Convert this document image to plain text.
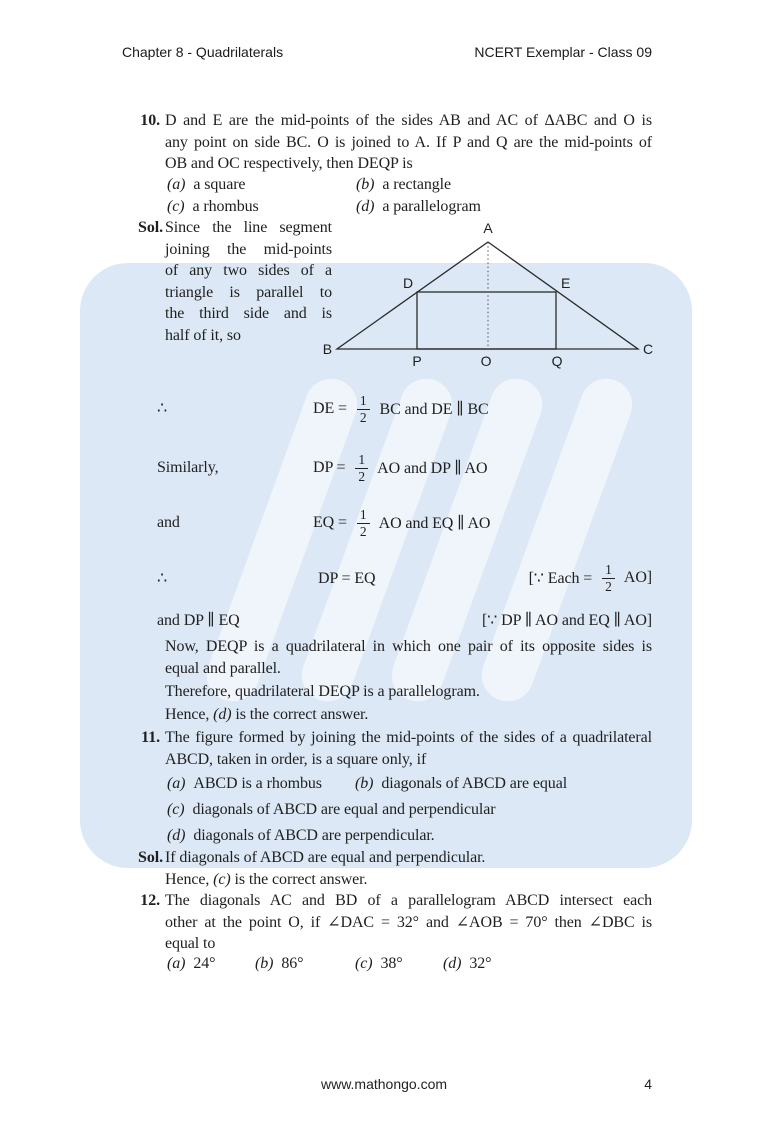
Chapter 8 - Quadrilaterals	NCERT Exemplar - Class 09
10. D and E are the mid-points of the sides AB and AC of ΔABC and O is
any point on side BC. O is joined to A. If P and Q are the mid-points of
OB and OC respectively, then DEQP is
(a) a square	(b) a rectangle
(c) a rhombus	(d) a parallelogram
Sol. Since the line segment
joining the mid-points
of any two sides of a
triangle is parallel to
the third side and is
half of it, so
A
B	C
D	E
P	O	Q
∴	DE = $\frac{1}{2}$ BC and DE ∥ BC
Similarly,	DP = $\frac{1}{2}$ AO and DP ∥ AO
and	EQ = $\frac{1}{2}$ AO and EQ ∥ AO
∴	DP = EQ	[∵ Each = $\frac{1}{2} AO$]
and DP ∥ EQ	[∵ DP ∥ AO and EQ ∥ AO]
Now, DEQP is a quadrilateral in which one pair of its opposite sides is
equal and parallel.
Therefore, quadrilateral DEQP is a parallelogram.
Hence, (d) is the correct answer.
11. The figure formed by joining the mid-points of the sides of a quadrilateral
ABCD, taken in order, is a square only, if
(a) ABCD is a rhombus (b) diagonals of ABCD are equal
(c) diagonals of ABCD are equal and perpendicular
(d) diagonals of ABCD are perpendicular.
Sol. If diagonals of ABCD are equal and perpendicular.
Hence, (c) is the correct answer.
12. The diagonals AC and BD of a parallelogram ABCD intersect each
other at the point O, if ∠DAC = 32° and ∠AOB = 70° then ∠DBC is
equal to
(a) 24° (b) 86°	(c) 38°	(d) 32°
www.mathongo.com	4
